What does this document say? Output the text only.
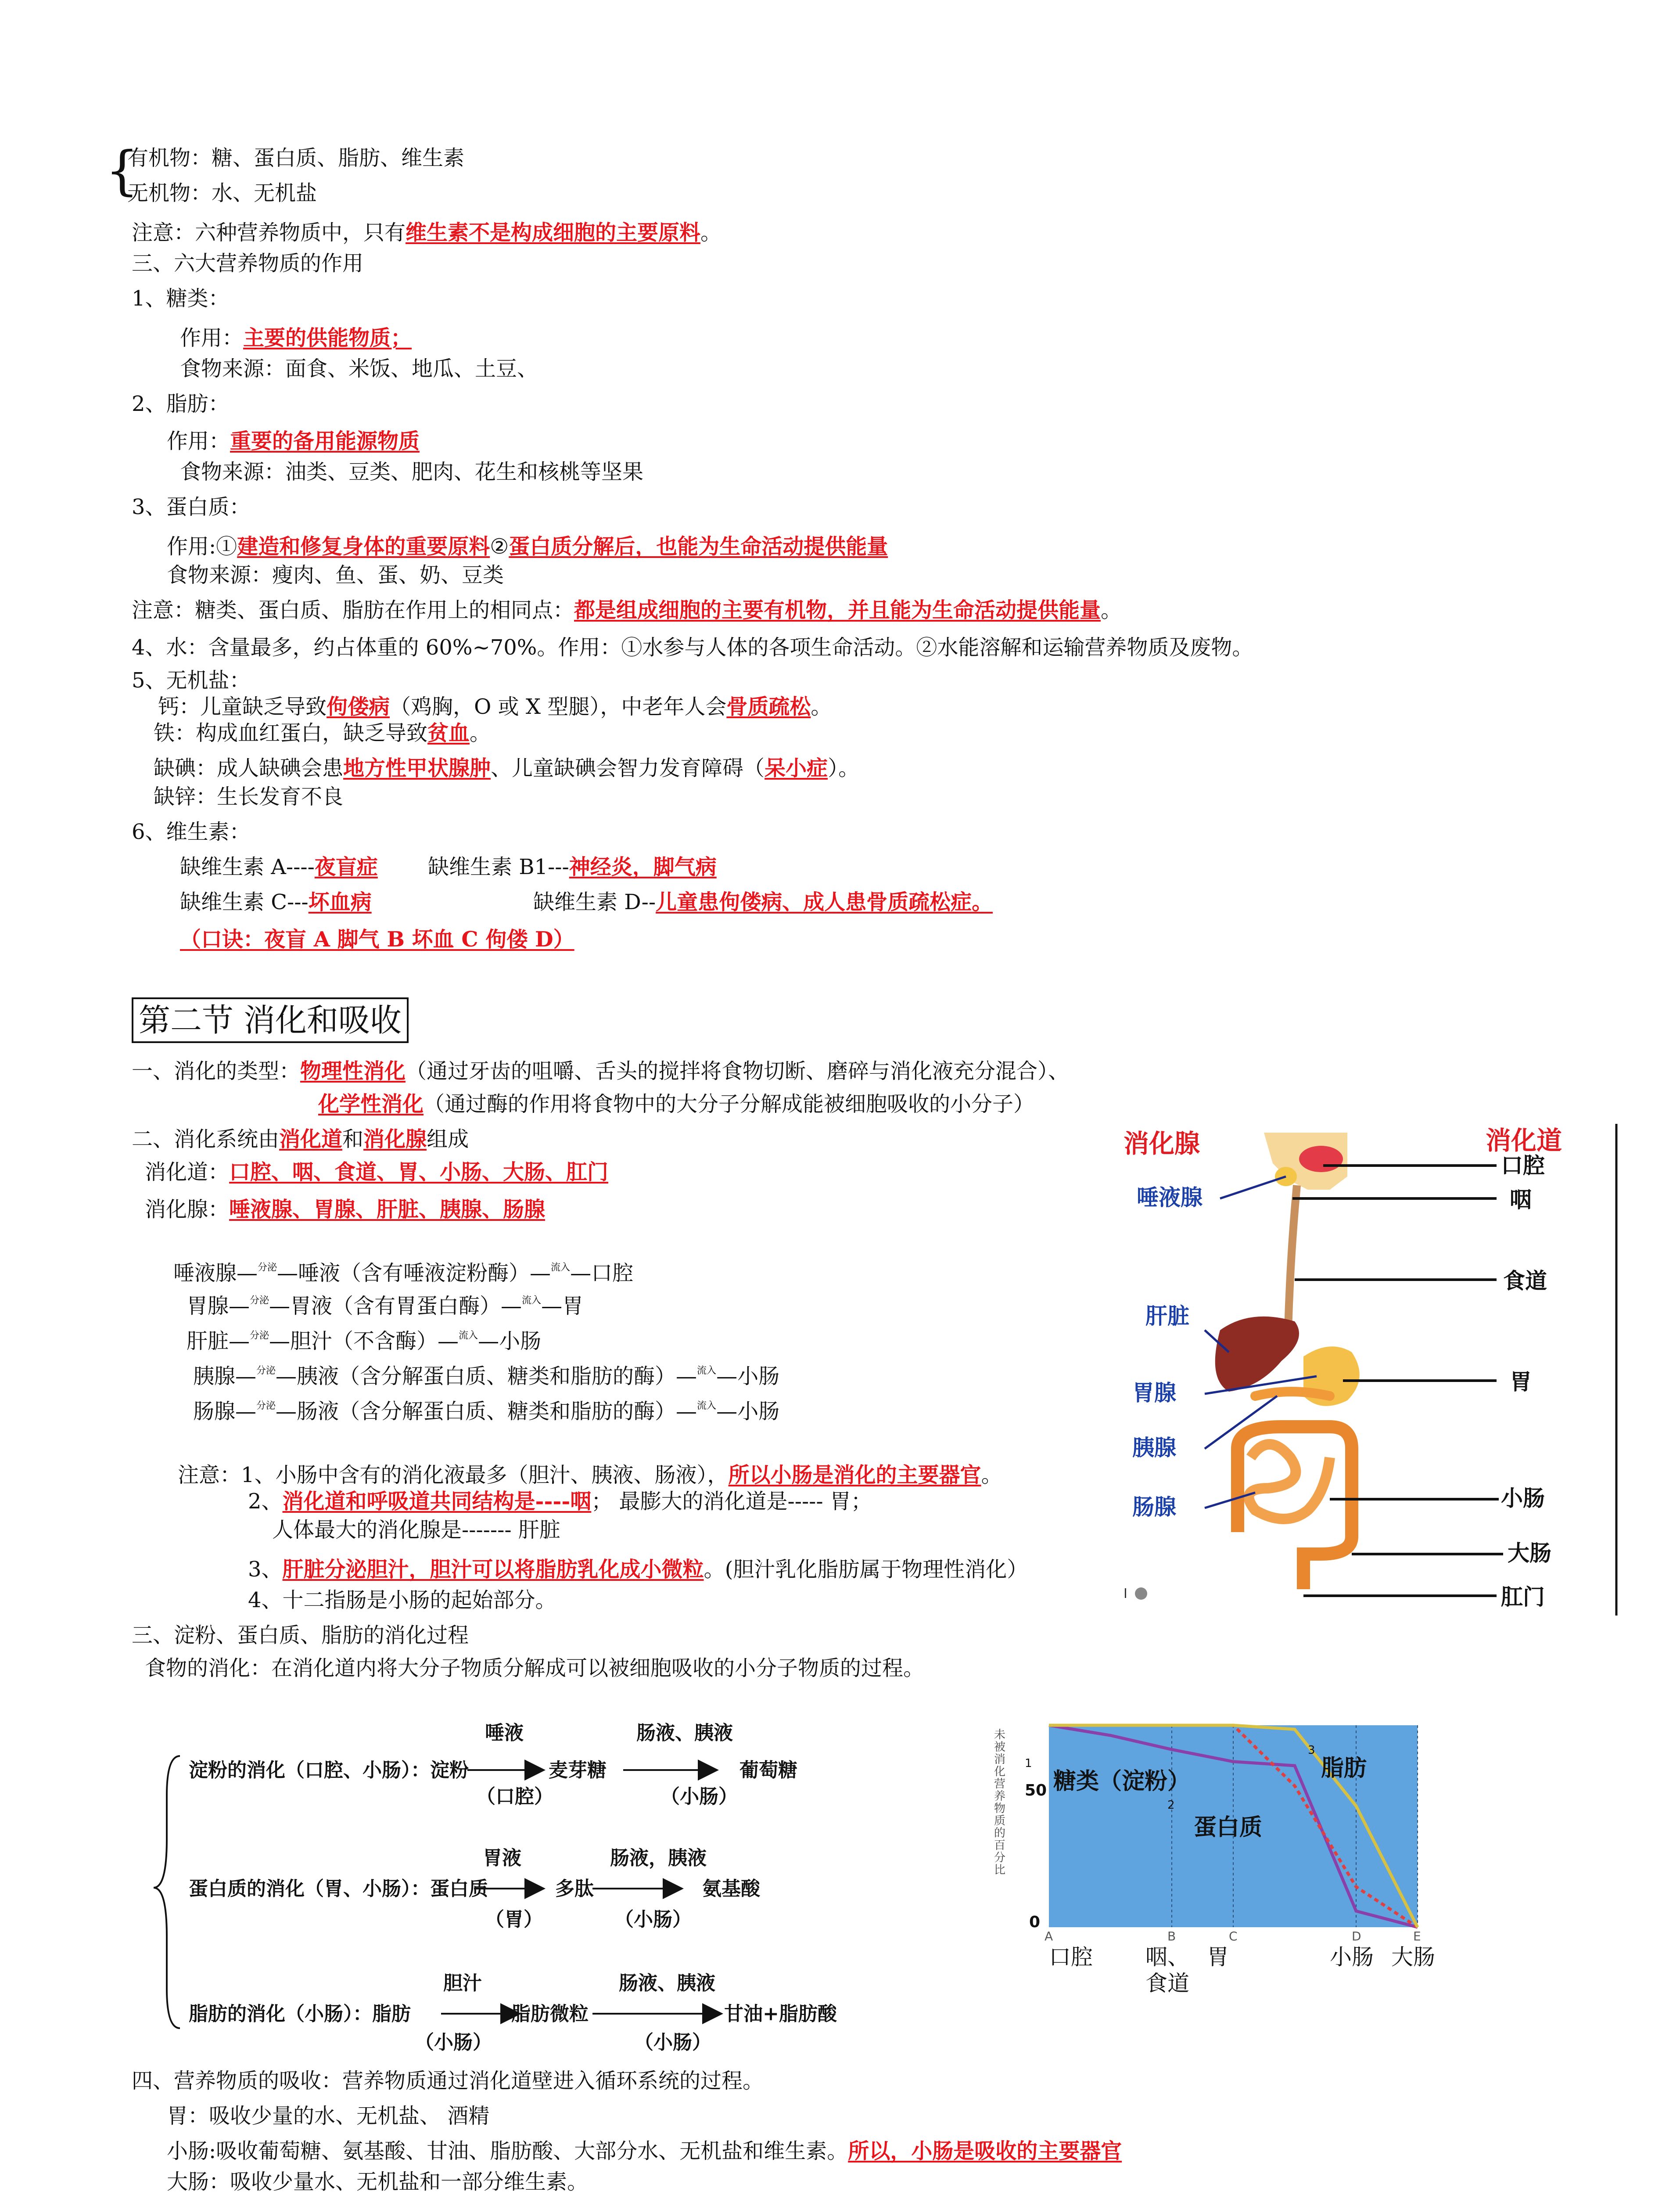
{
有机物：糖、蛋白质、脂肪、维生素
无机物：水、无机盐
注意：六种营养物质中，只有维生素不是构成细胞的主要原料。
三、六大营养物质的作用
1、糖类：
作用：主要的供能物质；
食物来源：面食、米饭、地瓜、土豆、
2、脂肪：
作用：重要的备用能源物质
食物来源：油类、豆类、肥肉、花生和核桃等坚果
3、蛋白质：
作用:①建造和修复身体的重要原料②蛋白质分解后，也能为生命活动提供能量
食物来源：瘦肉、鱼、蛋、奶、豆类
注意：糖类、蛋白质、脂肪在作用上的相同点：都是组成细胞的主要有机物，并且能为生命活动提供能量。
4、水：含量最多，约占体重的 60%~70%。作用：①水参与人体的各项生命活动。②水能溶解和运输营养物质及废物。
5、无机盐：
钙：儿童缺乏导致佝偻病（鸡胸，O 或 X 型腿），中老年人会骨质疏松。
铁：构成血红蛋白，缺乏导致贫血。
缺碘：成人缺碘会患地方性甲状腺肿、儿童缺碘会智力发育障碍（呆小症）。
缺锌：生长发育不良
6、维生素：
缺维生素 A----夜盲症 缺维生素 B1---神经炎，脚气病
缺维生素 C---坏血病	缺维生素 D--儿童患佝偻病、成人患骨质疏松症。
（口诀：夜盲 A 脚气 B 坏血 C 佝偻 D）
第二节 消化和吸收
一、消化的类型：物理性消化（通过牙齿的咀嚼、舌头的搅拌将食物切断、磨碎与消化液充分混合）、
化学性消化（通过酶的作用将食物中的大分子分解成能被细胞吸收的小分子）
二、消化系统由消化道和消化腺组成
消化道：口腔、咽、食道、胃、小肠、大肠、肛门
消化腺：唾液腺、胃腺、肝脏、胰腺、肠腺
唾液腺—$^{分泌}$—唾液（含有唾液淀粉酶）—$^{流入}$—口腔
胃腺—$^{分泌}$—胃液（含有胃蛋白酶）—$^{流入}$—胃
肝脏—$^{分泌}$—胆汁（不含酶）—$^{流入}$—小肠
胰腺—$^{分泌}$—胰液（含分解蛋白质、糖类和脂肪的酶）—$^{流入}$—小肠
肠腺—$^{分泌}$—肠液（含分解蛋白质、糖类和脂肪的酶）—$^{流入}$—小肠
注意：1、小肠中含有的消化液最多（胆汁、胰液、肠液），所以小肠是消化的主要器官。
2、消化道和呼吸道共同结构是----咽； 最膨大的消化道是----- 胃；
人体最大的消化腺是------- 肝脏
3、肝脏分泌胆汁，胆汁可以将脂肪乳化成小微粒。(胆汁乳化脂肪属于物理性消化）
4、十二指肠是小肠的起始部分。
三、淀粉、蛋白质、脂肪的消化过程
食物的消化：在消化道内将大分子物质分解成可以被细胞吸收的小分子物质的过程。
淀粉的消化（口腔、小肠）：淀粉
唾液
（口腔）
麦芽糖
肠液、胰液
（小肠）
葡萄糖
蛋白质的消化（胃、小肠）：蛋白质
胃液
（胃）
多肽
肠液，胰液
（小肠）
氨基酸
脂肪的消化（小肠）：脂肪
胆汁
（小肠）
脂肪微粒
肠液、胰液
（小肠）
甘油+脂肪酸
四、营养物质的吸收：营养物质通过消化道壁进入循环系统的过程。
胃：吸收少量的水、无机盐、 酒精
小肠:吸收葡萄糖、氨基酸、甘油、脂肪酸、大部分水、无机盐和维生素。所以，小肠是吸收的主要器官
大肠：吸收少量水、无机盐和一部分维生素。
消化腺	消化道
唾液腺
肝脏
胃腺
胰腺
肠腺
口腔
咽
食道
胃
小肠
大肠
肛门
I
未被消化营养物质的百分比
50
0
A
口腔
B
食道
咽、
C
胃
D
小肠
E
大肠
糖类（淀粉）
1
蛋白质
2
脂肪
3
